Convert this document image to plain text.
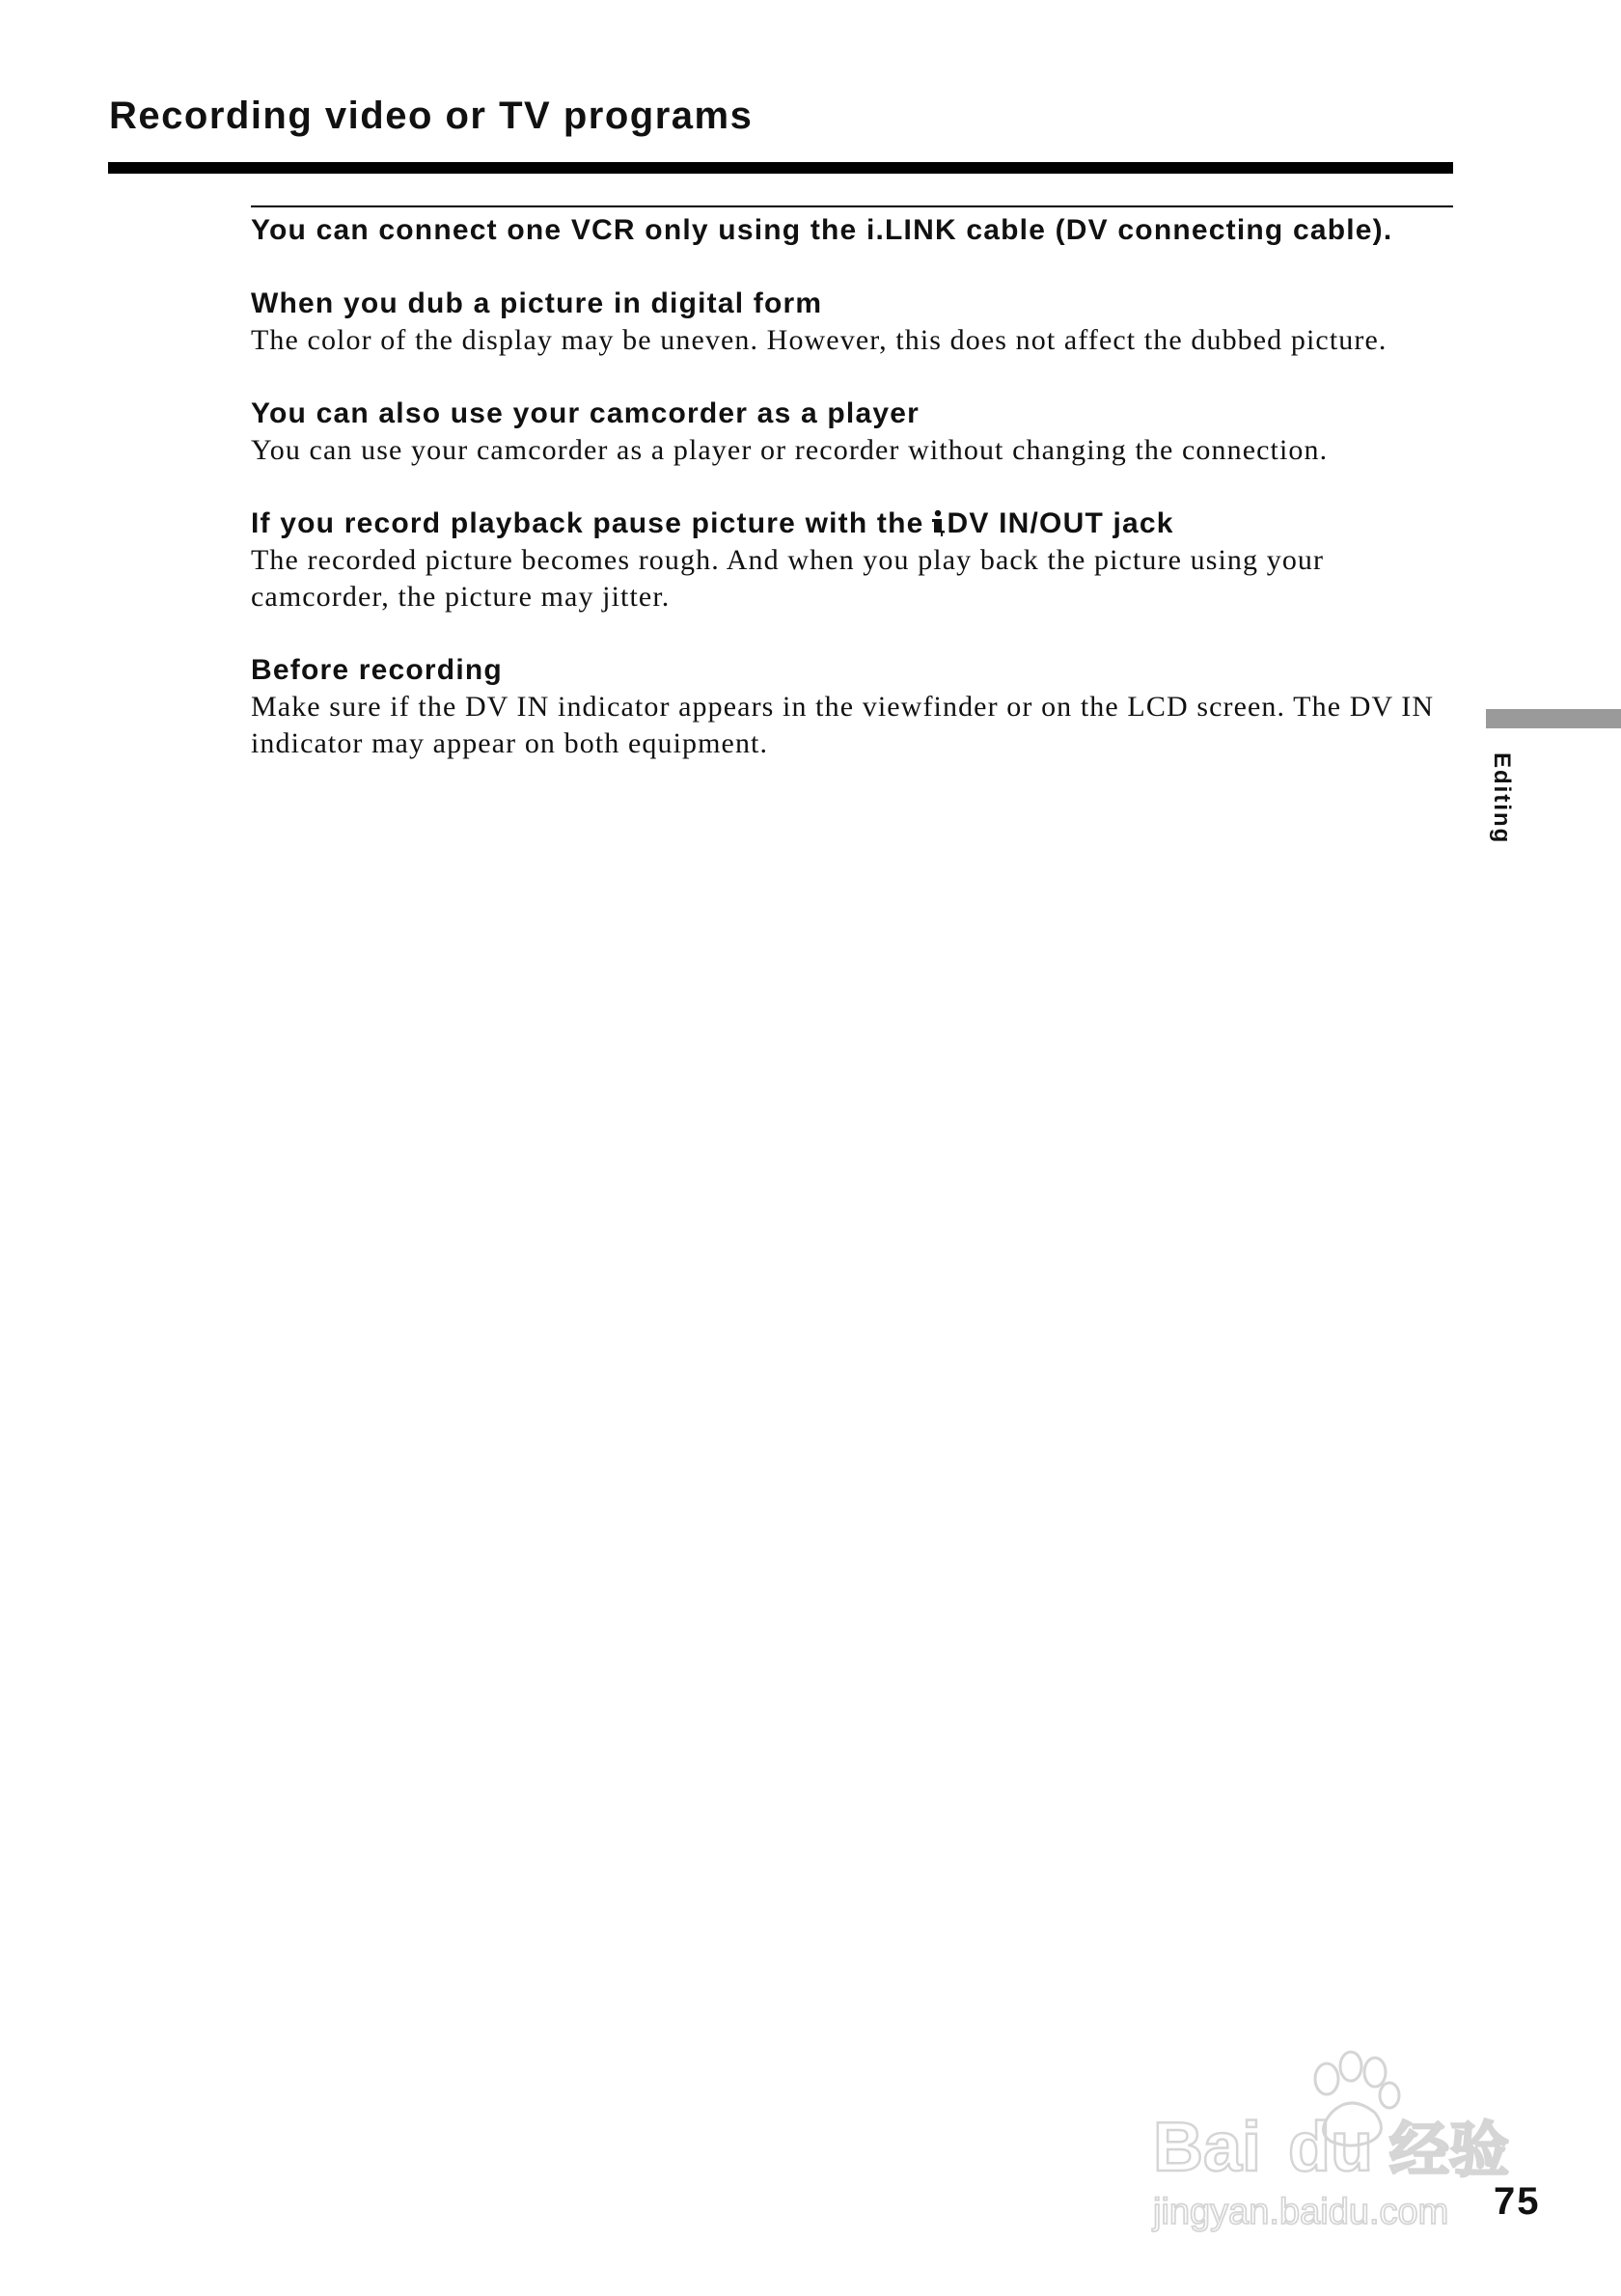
Recording video or TV programs
You can connect one VCR only using the i.LINK cable (DV connecting cable).
When you dub a picture in digital form
The color of the display may be uneven. However, this does not affect the dubbed picture.
You can also use your camcorder as a player
You can use your camcorder as a player or recorder without changing the connection.
If you record playback pause picture with the DV IN/OUT jack
The recorded picture becomes rough. And when you play back the picture using your camcorder, the picture may jitter.
Before recording
Make sure if the DV IN indicator appears in the viewfinder or on the LCD screen. The DV IN indicator may appear on both equipment.
Editing
Bai du 经验
jingyan.baidu.com 75
